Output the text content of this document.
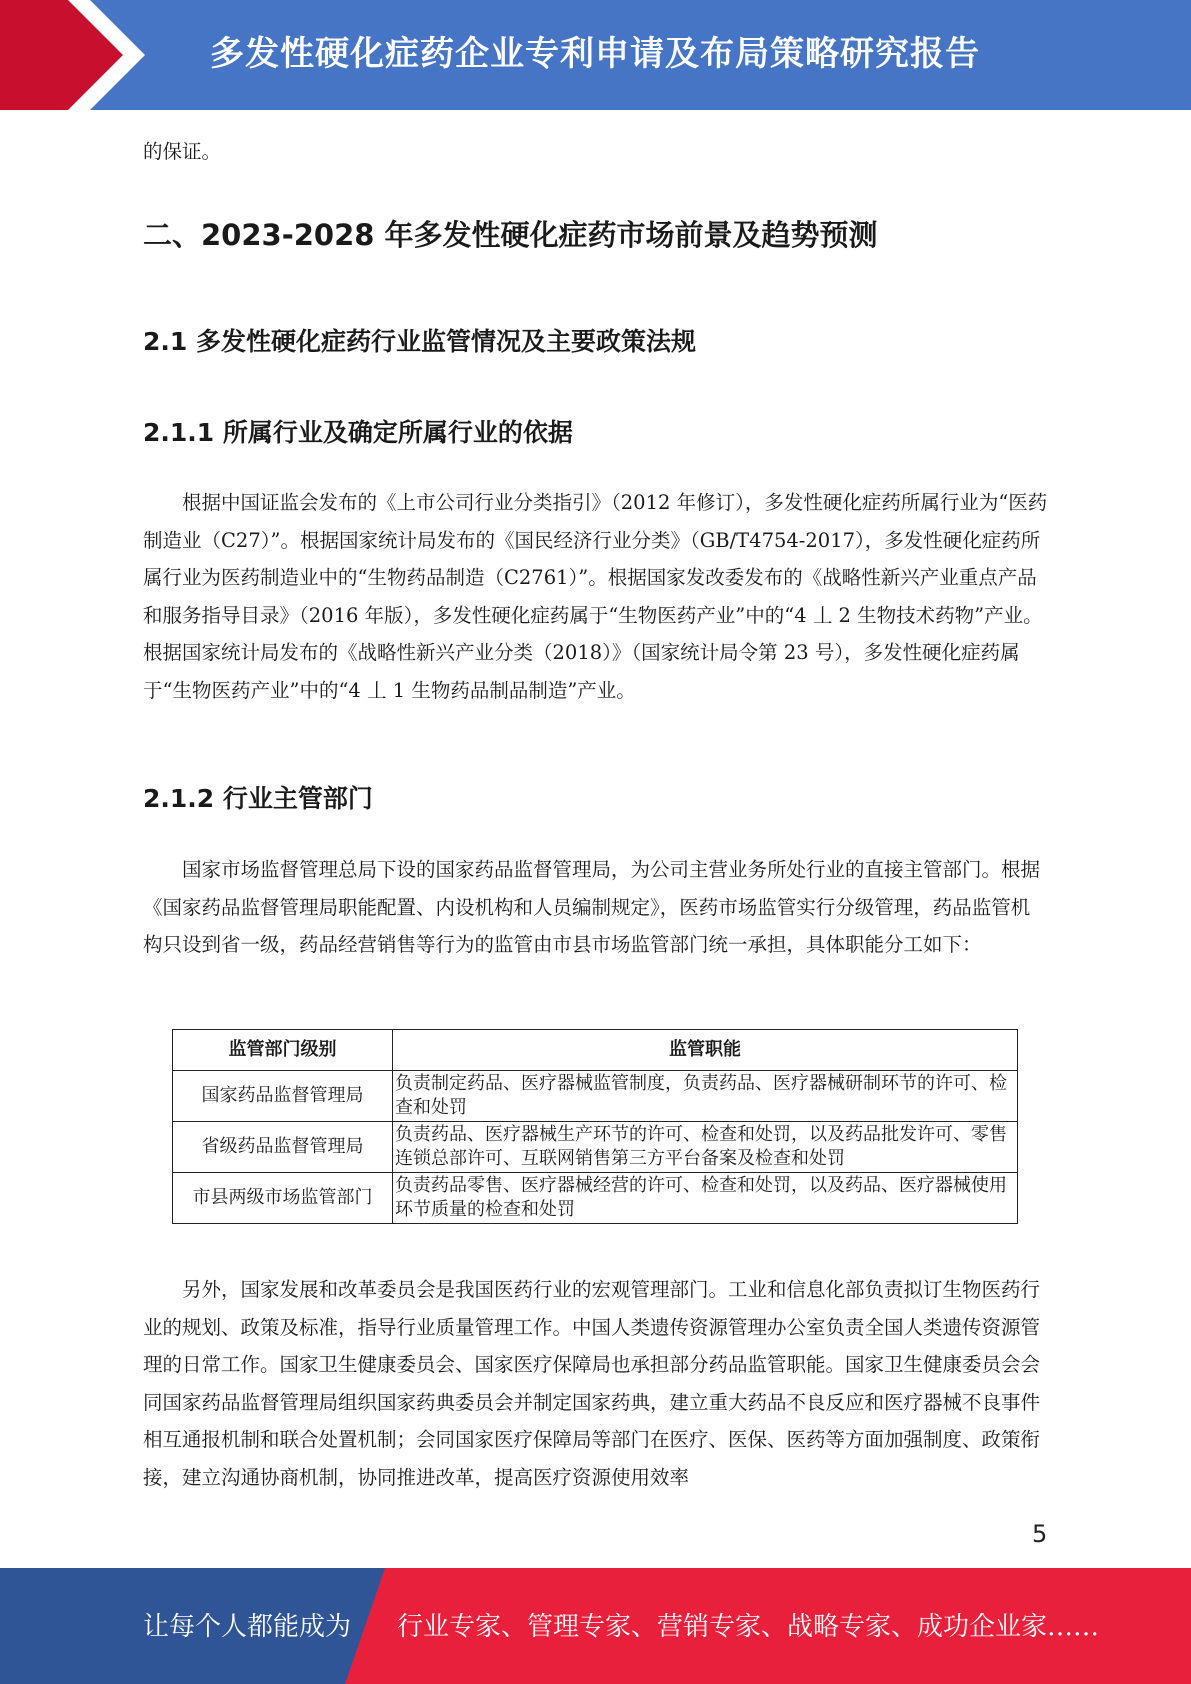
多发性硬化症药企业专利申请及布局策略研究报告

的保证。

二、2023-2028 年多发性硬化症药市场前景及趋势预测
2.1 多发性硬化症药行业监管情况及主要政策法规
2.1.1 所属行业及确定所属行业的依据

根据中国证监会发布的《上市公司行业分类指引》（2012 年修订），多发性硬化症药所属行业为“医药制造业（C27）”。根据国家统计局发布的《国民经济行业分类》（GB/T4754-2017），多发性硬化症药所属行业为医药制造业中的“生物药品制造（C2761）”。根据国家发改委发布的《战略性新兴产业重点产品和服务指导目录》（2016 年版），多发性硬化症药属于“生物医药产业”中的“4 丄 2 生物技术药物”产业。根据国家统计局发布的《战略性新兴产业分类（2018）》（国家统计局令第 23 号），多发性硬化症药属于“生物医药产业”中的“4 丄 1 生物药品制品制造”产业。

2.1.2 行业主管部门

国家市场监督管理总局下设的国家药品监督管理局，为公司主营业务所处行业的直接主管部门。根据《国家药品监督管理局职能配置、内设机构和人员编制规定》，医药市场监管实行分级管理，药品监管机构只设到省一级，药品经营销售等行为的监管由市县市场监管部门统一承担，具体职能分工如下：

监管部门级别	监管职能
国家药品监督管理局	负责制定药品、医疗器械监管制度，负责药品、医疗器械研制环节的许可、检查和处罚
省级药品监督管理局	负责药品、医疗器械生产环节的许可、检查和处罚，以及药品批发许可、零售连锁总部许可、互联网销售第三方平台备案及检查和处罚
市县两级市场监管部门	负责药品零售、医疗器械经营的许可、检查和处罚，以及药品、医疗器械使用环节质量的检查和处罚

另外，国家发展和改革委员会是我国医药行业的宏观管理部门。工业和信息化部负责拟订生物医药行业的规划、政策及标准，指导行业质量管理工作。中国人类遗传资源管理办公室负责全国人类遗传资源管理的日常工作。国家卫生健康委员会、国家医疗保障局也承担部分药品监管职能。国家卫生健康委员会会同国家药品监督管理局组织国家药典委员会并制定国家药典，建立重大药品不良反应和医疗器械不良事件相互通报机制和联合处置机制；会同国家医疗保障局等部门在医疗、医保、医药等方面加强制度、政策衔接，建立沟通协商机制，协同推进改革，提高医疗资源使用效率

5
让每个人都能成为 行业专家、管理专家、营销专家、战略专家、成功企业家……
